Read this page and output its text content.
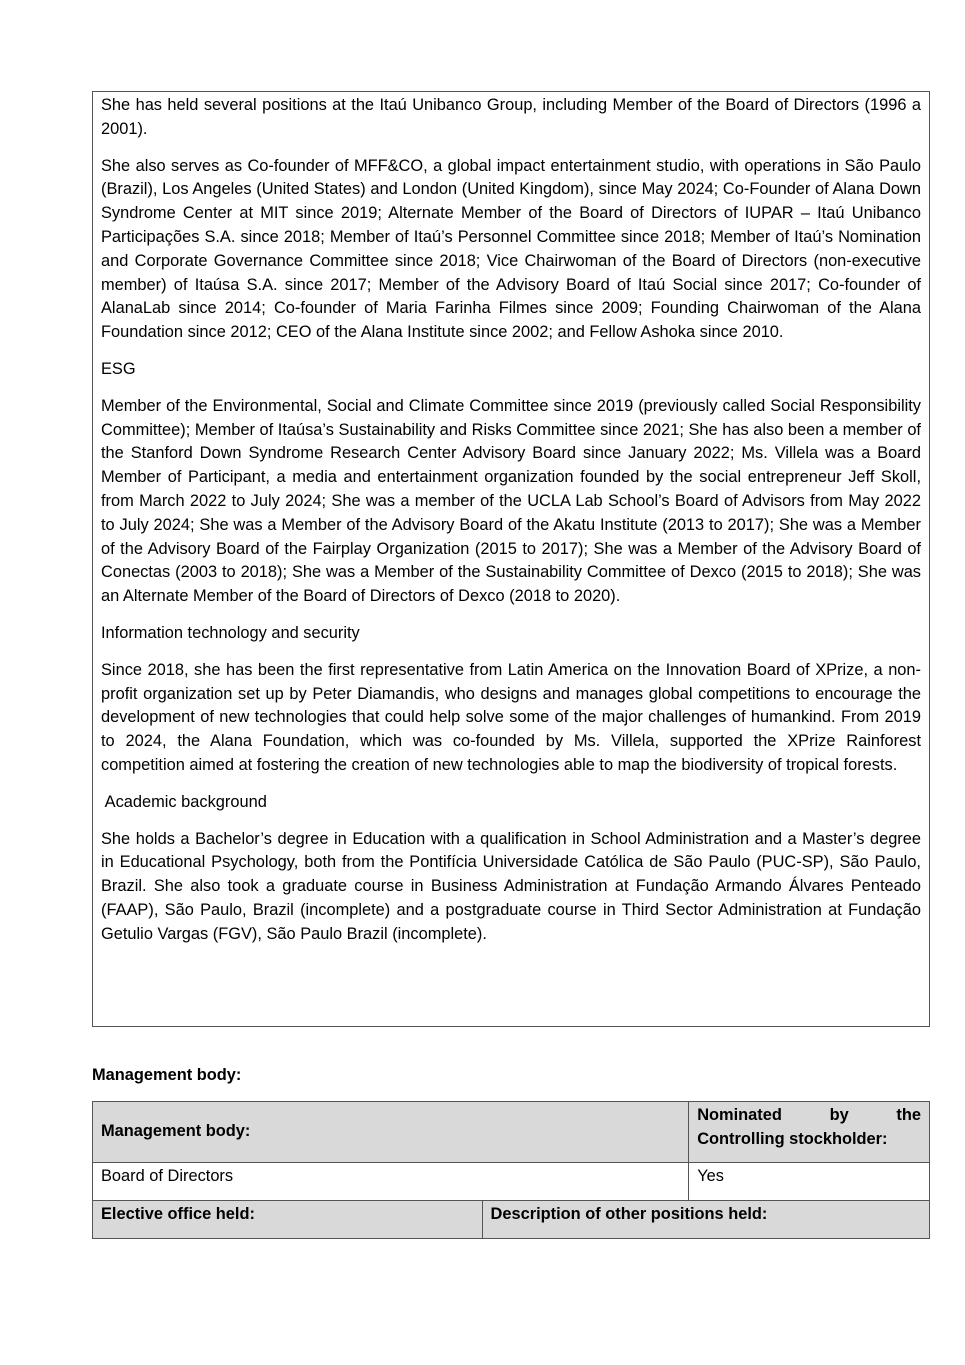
She has held several positions at the Itaú Unibanco Group, including Member of the Board of Directors (1996 a 2001).

She also serves as Co-founder of MFF&CO, a global impact entertainment studio, with operations in São Paulo (Brazil), Los Angeles (United States) and London (United Kingdom), since May 2024; Co-Founder of Alana Down Syndrome Center at MIT since 2019; Alternate Member of the Board of Directors of IUPAR – Itaú Unibanco Participações S.A. since 2018; Member of Itaú’s Personnel Committee since 2018; Member of Itaú’s Nomination and Corporate Governance Committee since 2018; Vice Chairwoman of the Board of Directors (non-executive member) of Itaúsa S.A. since 2017; Member of the Advisory Board of Itaú Social since 2017; Co-founder of AlanaLab since 2014; Co-founder of Maria Farinha Filmes since 2009; Founding Chairwoman of the Alana Foundation since 2012; CEO of the Alana Institute since 2002; and Fellow Ashoka since 2010.

ESG

Member of the Environmental, Social and Climate Committee since 2019 (previously called Social Responsibility Committee); Member of Itaúsa’s Sustainability and Risks Committee since 2021; She has also been a member of the Stanford Down Syndrome Research Center Advisory Board since January 2022; Ms. Villela was a Board Member of Participant, a media and entertainment organization founded by the social entrepreneur Jeff Skoll, from March 2022 to July 2024; She was a member of the UCLA Lab School’s Board of Advisors from May 2022 to July 2024; She was a Member of the Advisory Board of the Akatu Institute (2013 to 2017); She was a Member of the Advisory Board of the Fairplay Organization (2015 to 2017); She was a Member of the Advisory Board of Conectas (2003 to 2018); She was a Member of the Sustainability Committee of Dexco (2015 to 2018); She was an Alternate Member of the Board of Directors of Dexco (2018 to 2020).

Information technology and security

Since 2018, she has been the first representative from Latin America on the Innovation Board of XPrize, a non-profit organization set up by Peter Diamandis, who designs and manages global competitions to encourage the development of new technologies that could help solve some of the major challenges of humankind. From 2019 to 2024, the Alana Foundation, which was co-founded by Ms. Villela, supported the XPrize Rainforest competition aimed at fostering the creation of new technologies able to map the biodiversity of tropical forests.

Academic background

She holds a Bachelor’s degree in Education with a qualification in School Administration and a Master’s degree in Educational Psychology, both from the Pontifícia Universidade Católica de São Paulo (PUC-SP), São Paulo, Brazil. She also took a graduate course in Business Administration at Fundação Armando Álvares Penteado (FAAP), São Paulo, Brazil (incomplete) and a postgraduate course in Third Sector Administration at Fundação Getulio Vargas (FGV), São Paulo Brazil (incomplete).

Management body:
Management body:		Nominated by the
Controlling stockholder:
Board of Directors		Yes
Elective office held:	Description of other positions held:	
